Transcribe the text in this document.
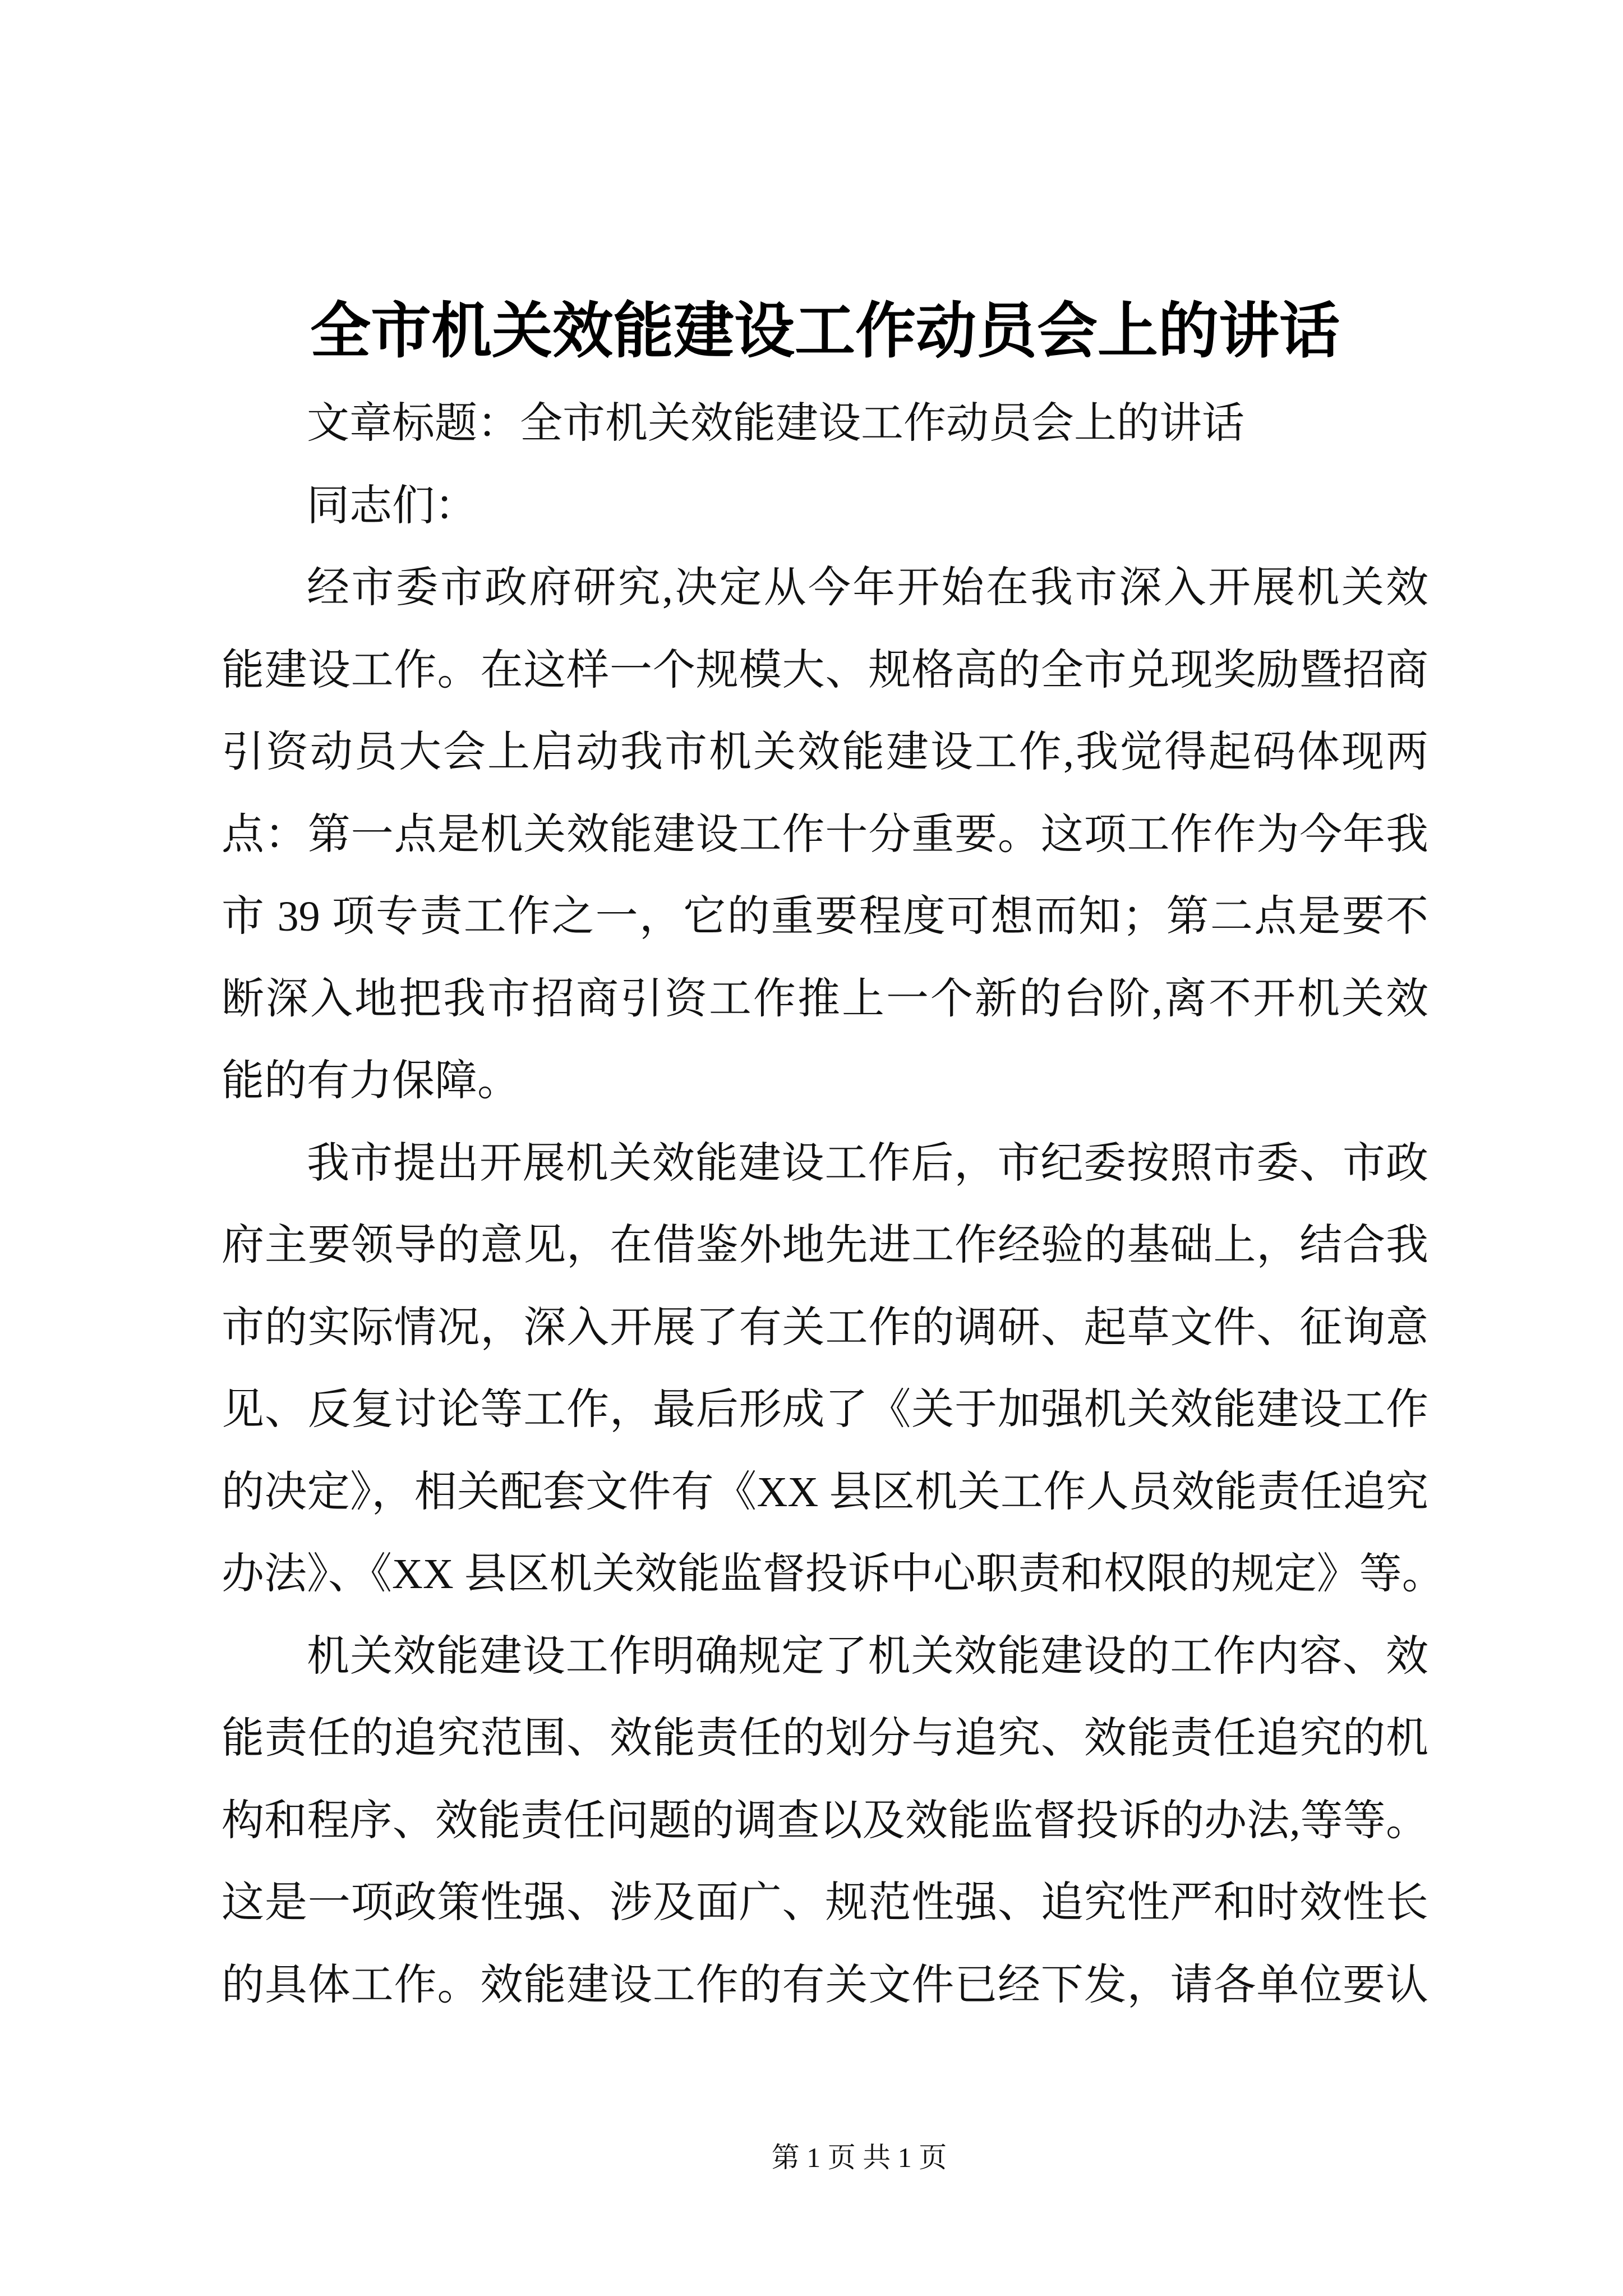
全市机关效能建设工作动员会上的讲话
文章标题：全市机关效能建设工作动员会上的讲话
同志们：
经市委市政府研究,决定从今年开始在我市深入开展机关效
能建设工作。在这样一个规模大、规格高的全市兑现奖励暨招商
引资动员大会上启动我市机关效能建设工作,我觉得起码体现两
点：第一点是机关效能建设工作十分重要。这项工作作为今年我
市 39 项专责工作之一，它的重要程度可想而知；第二点是要不
断深入地把我市招商引资工作推上一个新的台阶,离不开机关效
能的有力保障。
我市提出开展机关效能建设工作后，市纪委按照市委、市政
府主要领导的意见，在借鉴外地先进工作经验的基础上，结合我
市的实际情况，深入开展了有关工作的调研、起草文件、征询意
见、反复讨论等工作，最后形成了《关于加强机关效能建设工作
的决定》，相关配套文件有《XX 县区机关工作人员效能责任追究
办法》、《XX 县区机关效能监督投诉中心职责和权限的规定》等。
机关效能建设工作明确规定了机关效能建设的工作内容、效
能责任的追究范围、效能责任的划分与追究、效能责任追究的机
构和程序、效能责任问题的调查以及效能监督投诉的办法,等等。
这是一项政策性强、涉及面广、规范性强、追究性严和时效性长
的具体工作。效能建设工作的有关文件已经下发，请各单位要认
第 1 页 共 1 页
